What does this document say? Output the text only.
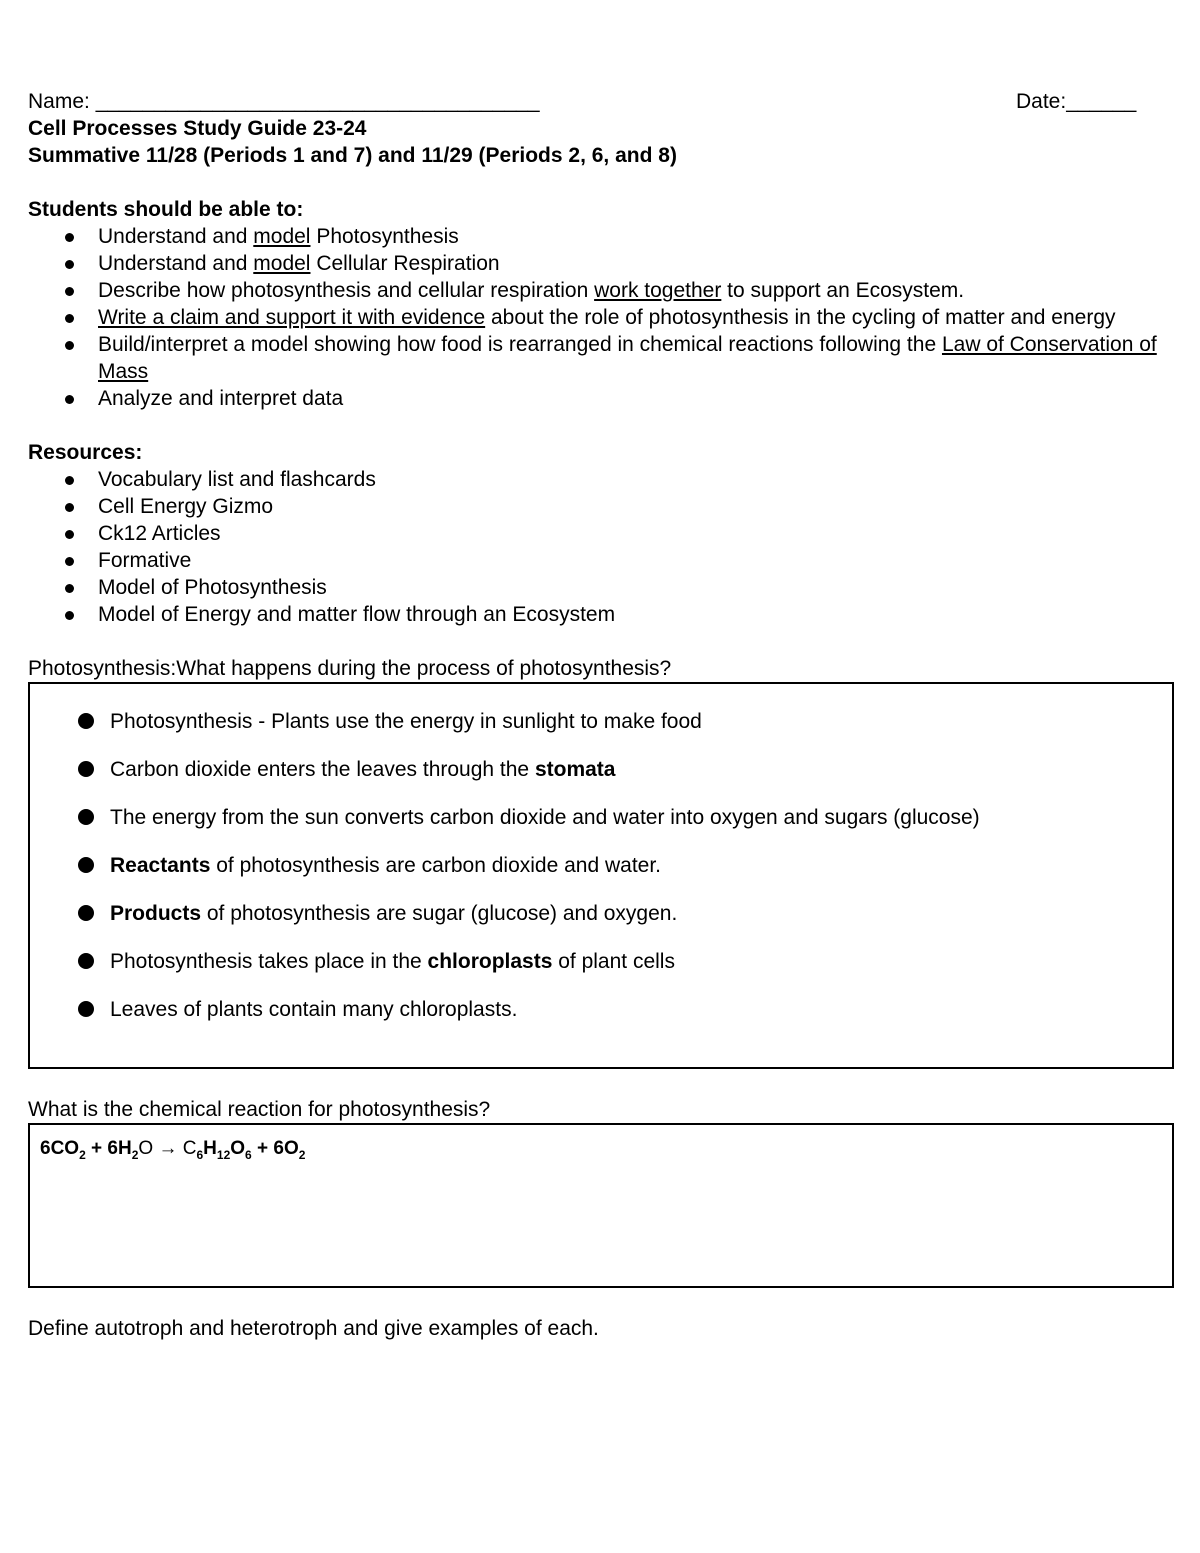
Name: ______________________________________	Date:______
Cell Processes Study Guide 23-24
Summative 11/28 (Periods 1 and 7) and 11/29 (Periods 2, 6, and 8)
Students should be able to:
Understand and model Photosynthesis
Understand and model Cellular Respiration
Describe how photosynthesis and cellular respiration work together to support an Ecosystem.
Write a claim and support it with evidence about the role of photosynthesis in the cycling of matter and energy
Build/interpret a model showing how food is rearranged in chemical reactions following the Law of Conservation of Mass
Analyze and interpret data
Resources:
Vocabulary list and flashcards
Cell Energy Gizmo
Ck12 Articles
Formative
Model of Photosynthesis
Model of Energy and matter flow through an Ecosystem
Photosynthesis:What happens during the process of photosynthesis?
Photosynthesis - Plants use the energy in sunlight to make food
Carbon dioxide enters the leaves through the stomata
The energy from the sun converts carbon dioxide and water into oxygen and sugars (glucose)
Reactants of photosynthesis are carbon dioxide and water.
Products of photosynthesis are sugar (glucose) and oxygen.
Photosynthesis takes place in the chloroplasts of plant cells
Leaves of plants contain many chloroplasts.
What is the chemical reaction for photosynthesis?
$6CO_2 + 6H_2O \to C_6H_{12}O_6 + 6O_2$
Define autotroph and heterotroph and give examples of each.
